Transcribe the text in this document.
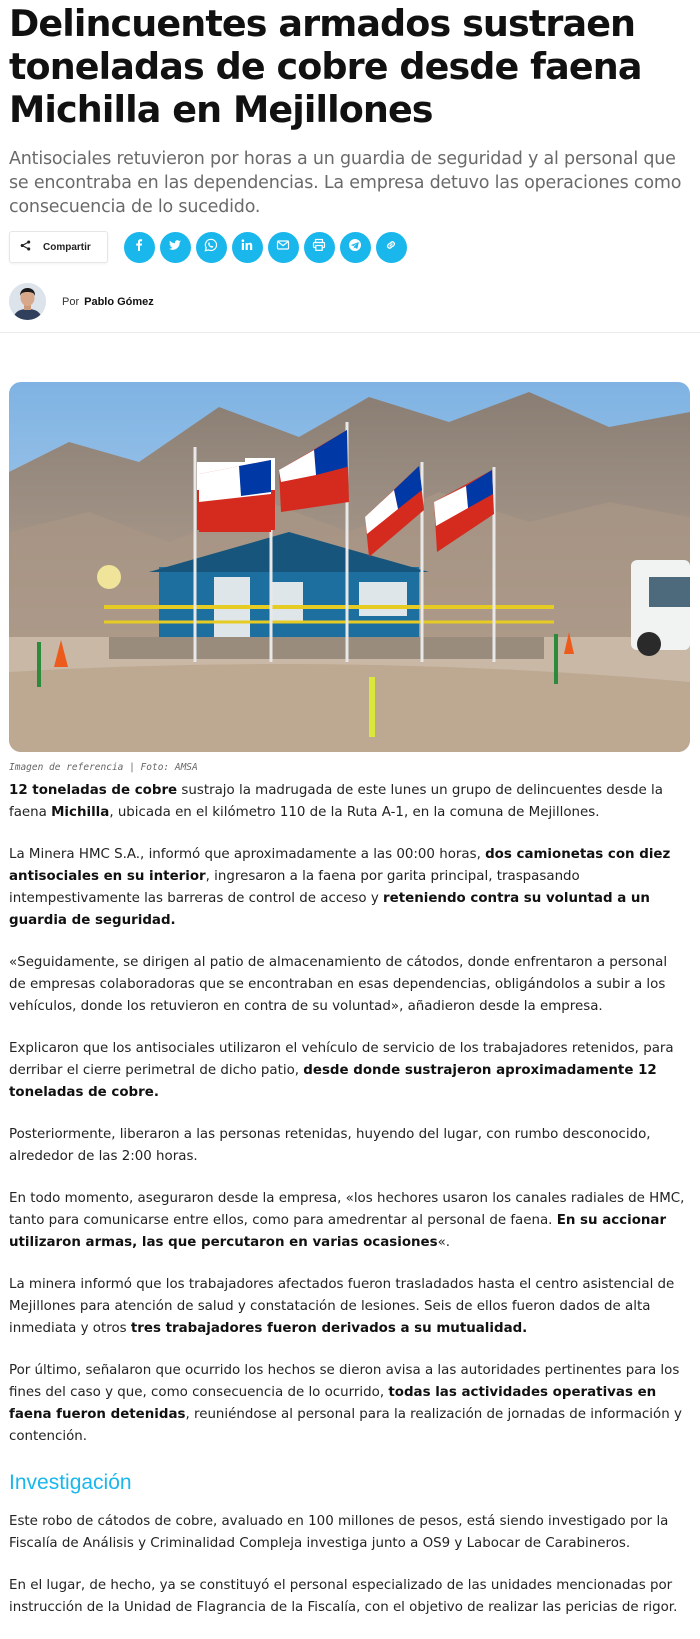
Delincuentes armados sustraen toneladas de cobre desde faena Michilla en Mejillones
Antisociales retuvieron por horas a un guardia de seguridad y al personal que se encontraba en las dependencias. La empresa detuvo las operaciones como consecuencia de lo sucedido.
Compartir
Por Pablo Gómez
Imagen de referencia | Foto: AMSA

12 toneladas de cobre sustrajo la madrugada de este lunes un grupo de delincuentes desde la faena Michilla, ubicada en el kilómetro 110 de la Ruta A-1, en la comuna de Mejillones.

La Minera HMC S.A., informó que aproximadamente a las 00:00 horas, dos camionetas con diez antisociales en su interior, ingresaron a la faena por garita principal, traspasando intempestivamente las barreras de control de acceso y reteniendo contra su voluntad a un guardia de seguridad.

«Seguidamente, se dirigen al patio de almacenamiento de cátodos, donde enfrentaron a personal de empresas colaboradoras que se encontraban en esas dependencias, obligándolos a subir a los vehículos, donde los retuvieron en contra de su voluntad», añadieron desde la empresa.

Explicaron que los antisociales utilizaron el vehículo de servicio de los trabajadores retenidos, para derribar el cierre perimetral de dicho patio, desde donde sustrajeron aproximadamente 12 toneladas de cobre.

Posteriormente, liberaron a las personas retenidas, huyendo del lugar, con rumbo desconocido, alrededor de las 2:00 horas.

En todo momento, aseguraron desde la empresa, «los hechores usaron los canales radiales de HMC, tanto para comunicarse entre ellos, como para amedrentar al personal de faena. En su accionar utilizaron armas, las que percutaron en varias ocasiones«.

La minera informó que los trabajadores afectados fueron trasladados hasta el centro asistencial de Mejillones para atención de salud y constatación de lesiones. Seis de ellos fueron dados de alta inmediata y otros tres trabajadores fueron derivados a su mutualidad.

Por último, señalaron que ocurrido los hechos se dieron avisa a las autoridades pertinentes para los fines del caso y que, como consecuencia de lo ocurrido, todas las actividades operativas en faena fueron detenidas, reuniéndose al personal para la realización de jornadas de información y contención.

Investigación

Este robo de cátodos de cobre, avaluado en 100 millones de pesos, está siendo investigado por la Fiscalía de Análisis y Criminalidad Compleja investiga junto a OS9 y Labocar de Carabineros.

En el lugar, de hecho, ya se constituyó el personal especializado de las unidades mencionadas por instrucción de la Unidad de Flagrancia de la Fiscalía, con el objetivo de realizar las pericias de rigor.
